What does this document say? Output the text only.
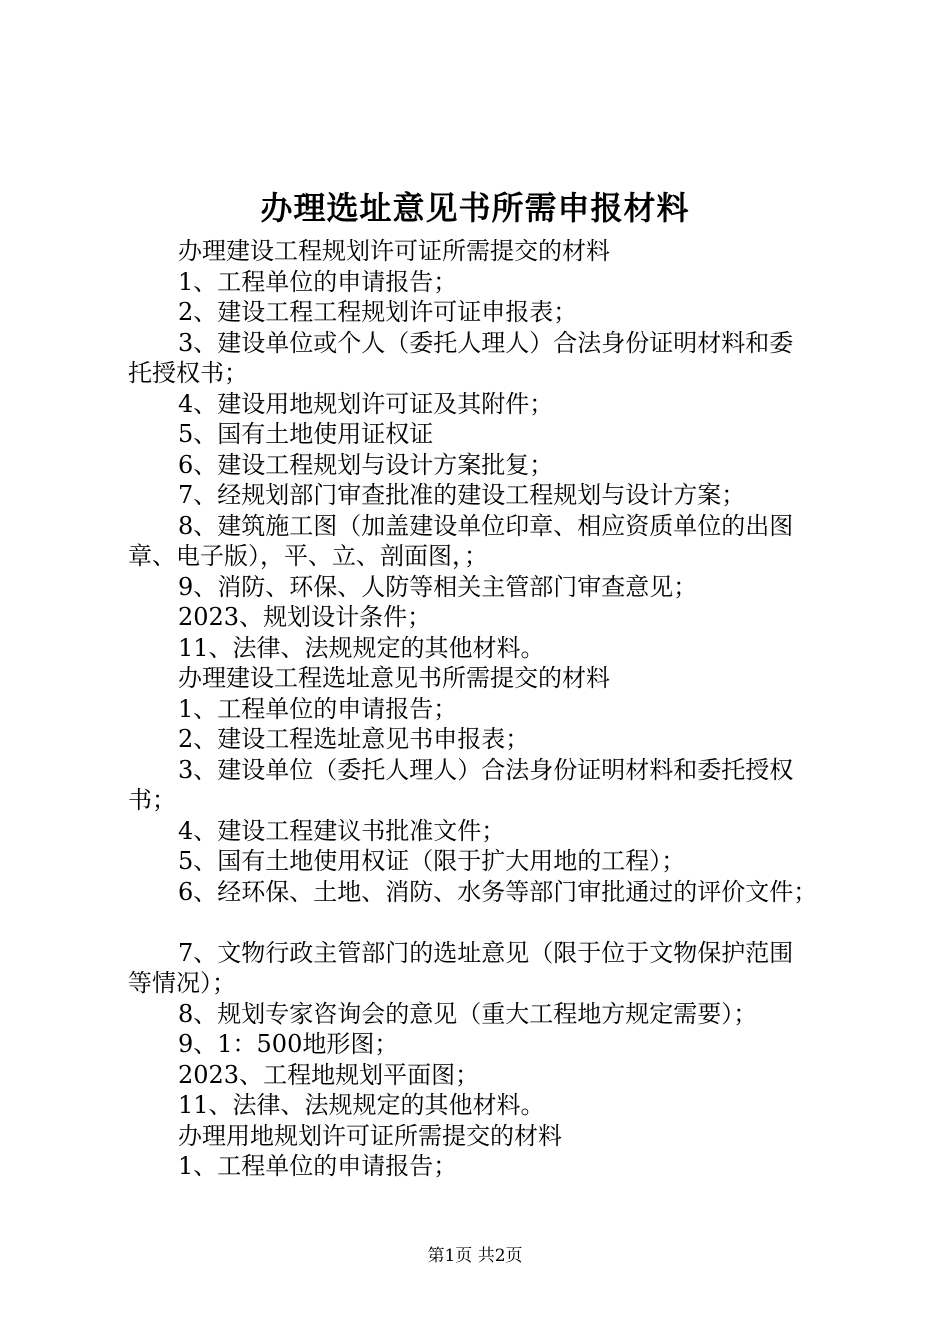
办理选址意见书所需申报材料
办理建设工程规划许可证所需提交的材料
1、工程单位的申请报告；
2、建设工程工程规划许可证申报表；
3、建设单位或个人（委托人理人）合法身份证明材料和委
托授权书；
4、建设用地规划许可证及其附件；
5、国有土地使用证权证
6、建设工程规划与设计方案批复；
7、经规划部门审查批准的建设工程规划与设计方案；
8、建筑施工图（加盖建设单位印章、相应资质单位的出图
章、电子版），平、立、剖面图，；
9、消防、环保、人防等相关主管部门审查意见；
2023、规划设计条件；
11、法律、法规规定的其他材料。
办理建设工程选址意见书所需提交的材料
1、工程单位的申请报告；
2、建设工程选址意见书申报表；
3、建设单位（委托人理人）合法身份证明材料和委托授权
书；
4、建设工程建议书批准文件；
5、国有土地使用权证（限于扩大用地的工程）；
6、经环保、土地、消防、水务等部门审批通过的评价文件；
7、文物行政主管部门的选址意见（限于位于文物保护范围
等情况）；
8、规划专家咨询会的意见（重大工程地方规定需要）；
9、1：500地形图；
2023、工程地规划平面图；
11、法律、法规规定的其他材料。
办理用地规划许可证所需提交的材料
1、工程单位的申请报告；
第1页 共2页
